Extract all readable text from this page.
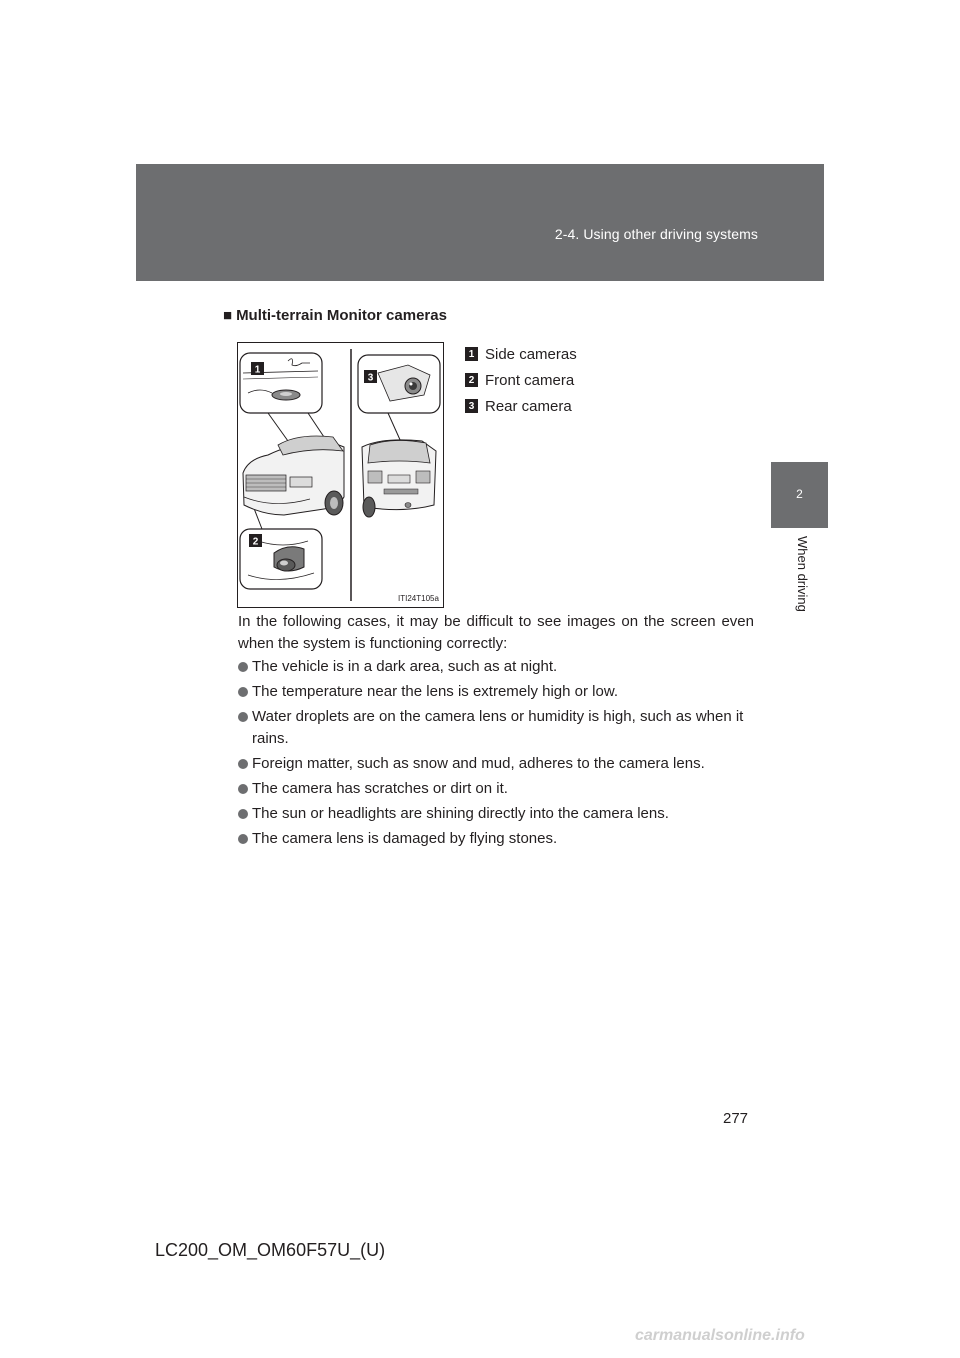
2-4. Using other driving systems
2
When driving
■ Multi-terrain Monitor cameras
1
2
3
ITI24T105a
1 Side cameras
2 Front camera
3 Rear camera
In the following cases, it may be difficult to see images on the screen even when the system is functioning correctly:
The vehicle is in a dark area, such as at night.
The temperature near the lens is extremely high or low.
Water droplets are on the camera lens or humidity is high, such as when it rains.
Foreign matter, such as snow and mud, adheres to the camera lens.
The camera has scratches or dirt on it.
The sun or headlights are shining directly into the camera lens.
The camera lens is damaged by flying stones.
277
LC200_OM_OM60F57U_(U)
carmanualsonline.info
